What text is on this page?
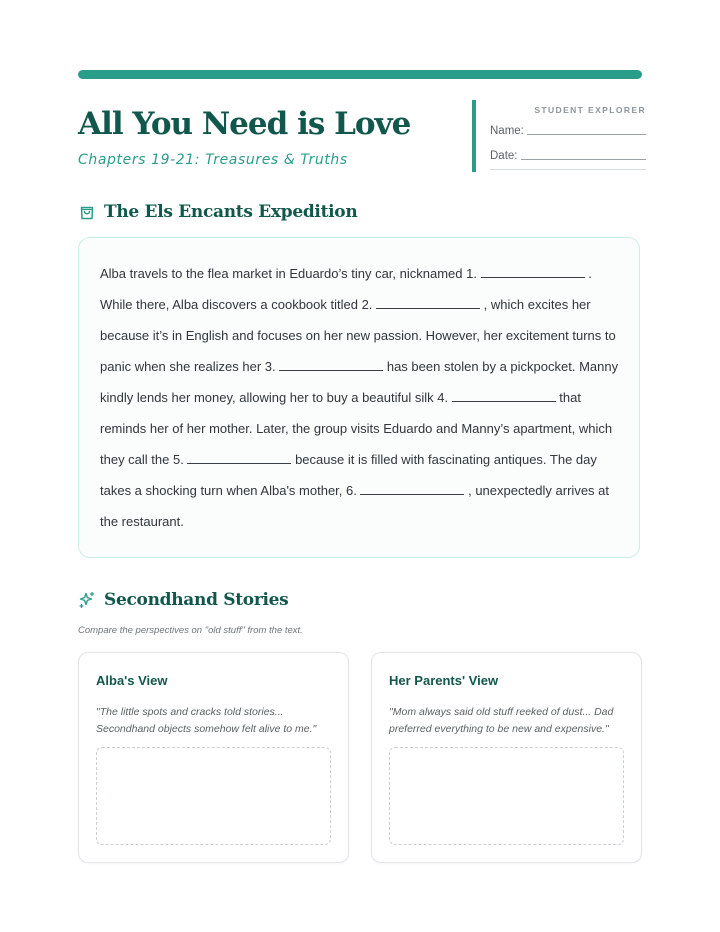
All You Need is Love

Chapters 19-21: Treasures & Truths

STUDENT EXPLORER
Name:
Date:
The Els Encants Expedition

Alba travels to the flea market in Eduardo’s tiny car, nicknamed 1.	. While there, Alba discovers a cookbook titled 2.	, which excites her because it’s in English and focuses on her new passion. However, her excitement turns to panic when she realizes her 3.	has been stolen by a pickpocket. Manny kindly lends her money, allowing her to buy a beautiful silk 4.	that reminds her of her mother. Later, the group visits Eduardo and Manny’s apartment, which they call the 5.	because it is filled with fascinating antiques. The day takes a shocking turn when Alba's mother, 6.	, unexpectedly arrives at the restaurant.

Secondhand Stories

Compare the perspectives on "old stuff" from the text.

Alba's View

"The little spots and cracks told stories... Secondhand objects somehow felt alive to me."

Her Parents' View

"Mom always said old stuff reeked of dust... Dad preferred everything to be new and expensive."
